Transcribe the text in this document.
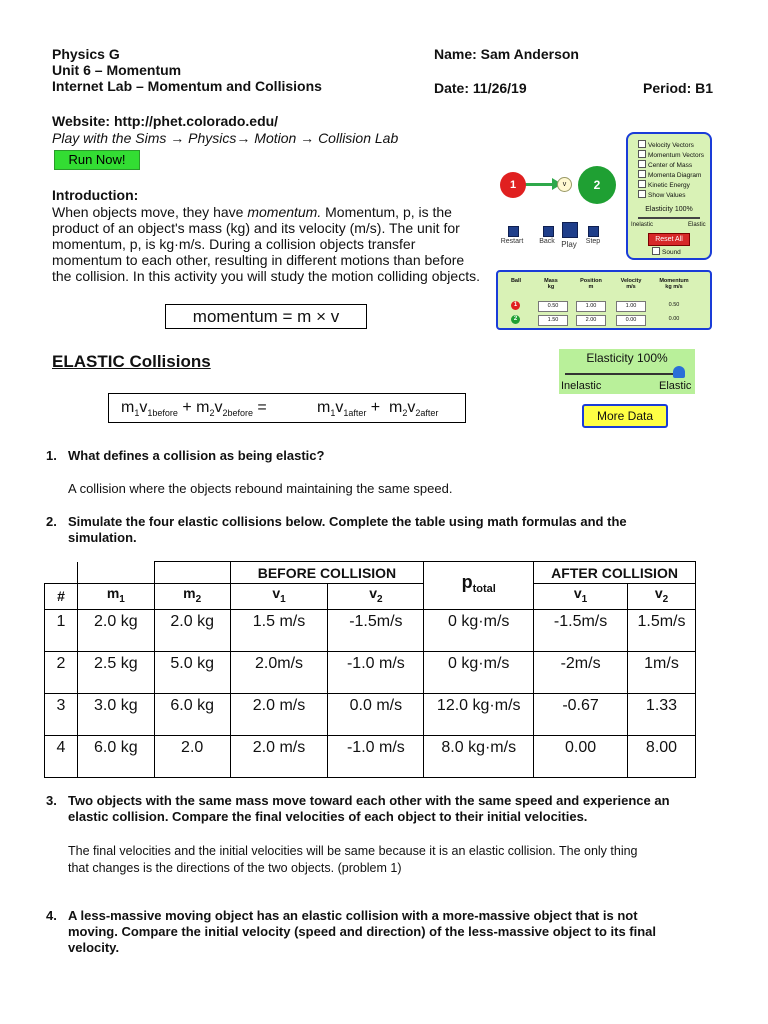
Physics G
Unit 6 – Momentum
Internet Lab – Momentum and Collisions
Name: Sam Anderson
Date: 11/26/19	Period: B1
Website: http://phet.colorado.edu/
Play with the Sims → Physics→ Motion → Collision Lab
Run Now!
Introduction:
When objects move, they have momentum. Momentum, p, is the
product of an object's mass (kg) and its velocity (m/s). The unit for
momentum, p, is kg·m/s. During a collision objects transfer
momentum to each other, resulting in different motions than before
the collision. In this activity you will study the motion colliding objects.
momentum = m × v
ELASTIC Collisions
$m_1v_{1before} + m_2v_{2before}$ =	$m_1v_{1after} + m_2v_{2after}$
1	2
v
Restart	Back Play	Step
Velocity Vectors
Momentum Vectors
Center of Mass
Momenta Diagram
Kinetic Energy
Show Values
Elasticity 100%
Inelastic	Elastic
Reset All
Sound
Ball	Mass
kg
Position
m
Velocity
m/s
Momentum
kg m/s
1	0.50	1.00	1.00	0.50
2	1.50	2.00	0.00	0.00
Elasticity 100%
Inelastic	Elastic
More Data
1. What defines a collision as being elastic?
A collision where the objects rebound maintaining the same speed.
2. Simulate the four elastic collisions below. Complete the table using math formulas and the
simulation.
			BEFORE COLLISION		$p_{total}$	AFTER COLLISION	
#	$m_1$	$m_2$	$v_1$	$v_2$		$v_1$	$v_2$
1	2.0 kg	2.0 kg	1.5 m/s	-1.5m/s	0 kg·m/s	-1.5m/s	1.5m/s
2	2.5 kg	5.0 kg	2.0m/s	-1.0 m/s	0 kg·m/s	-2m/s	1m/s
3	3.0 kg	6.0 kg	2.0 m/s	0.0 m/s	12.0 kg·m/s	-0.67	1.33
4	6.0 kg	2.0	2.0 m/s	-1.0 m/s	8.0 kg·m/s	0.00	8.00
3. Two objects with the same mass move toward each other with the same speed and experience an
elastic collision. Compare the final velocities of each object to their initial velocities.
The final velocities and the initial velocities will be same because it is an elastic collision. The only thing
that changes is the directions of the two objects. (problem 1)
4. A less-massive moving object has an elastic collision with a more-massive object that is not
moving. Compare the initial velocity (speed and direction) of the less-massive object to its final
velocity.
